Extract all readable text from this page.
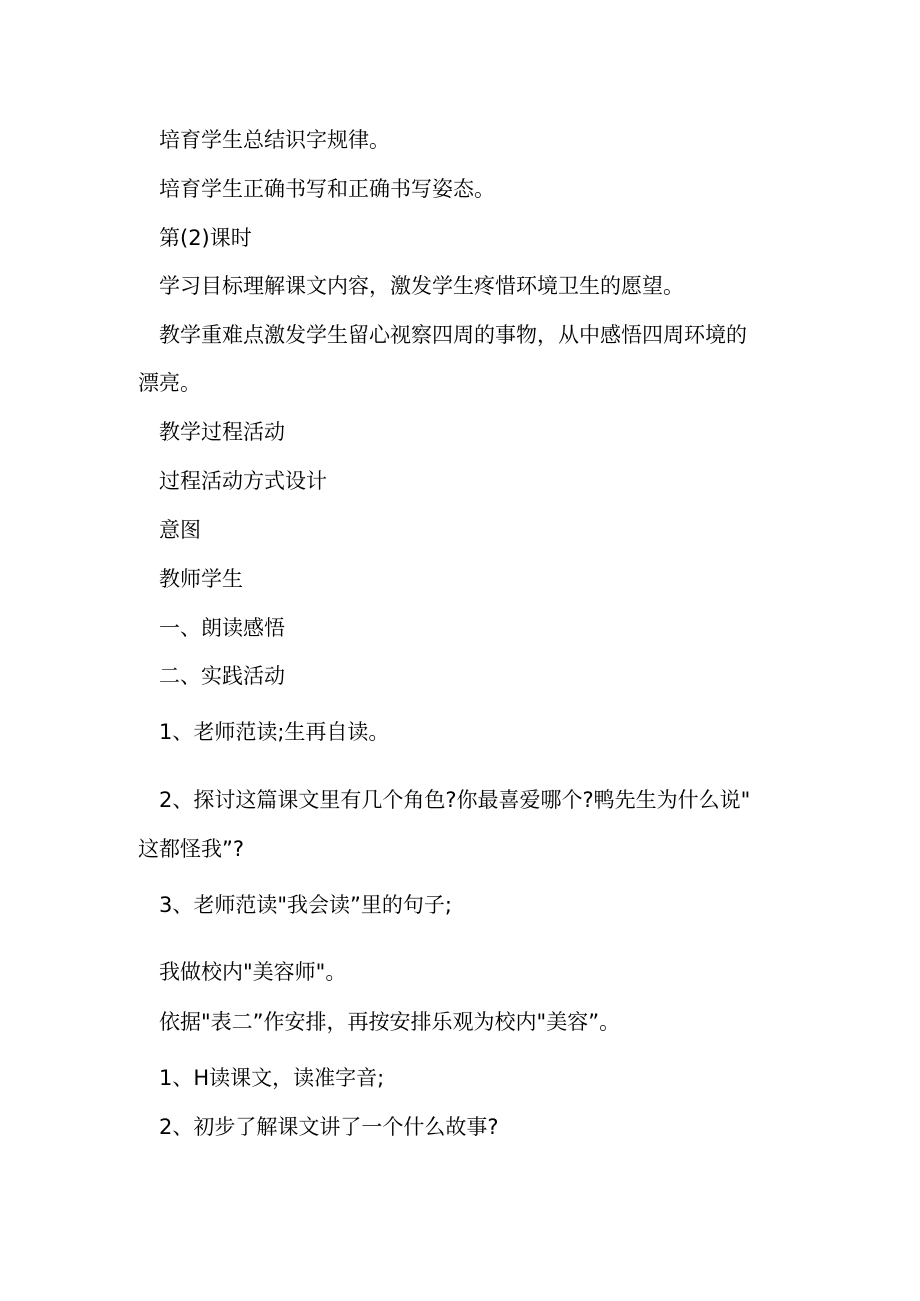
培育学生总结识字规律。
培育学生正确书写和正确书写姿态。
第(2)课时
学习目标理解课文内容，激发学生疼惜环境卫生的愿望。
教学重难点激发学生留心视察四周的事物，从中感悟四周环境的
漂亮。
教学过程活动
过程活动方式设计
意图
教师学生
一、朗读感悟
二、实践活动
1、老师范读;生再自读。
2、探讨这篇课文里有几个角色?你最喜爱哪个?鸭先生为什么说"
这都怪我”?
3、老师范读"我会读”里的句子;
我做校内"美容师"。
依据"表二”作安排，再按安排乐观为校内"美容”。
1、H读课文，读准字音;
2、初步了解课文讲了一个什么故事?
